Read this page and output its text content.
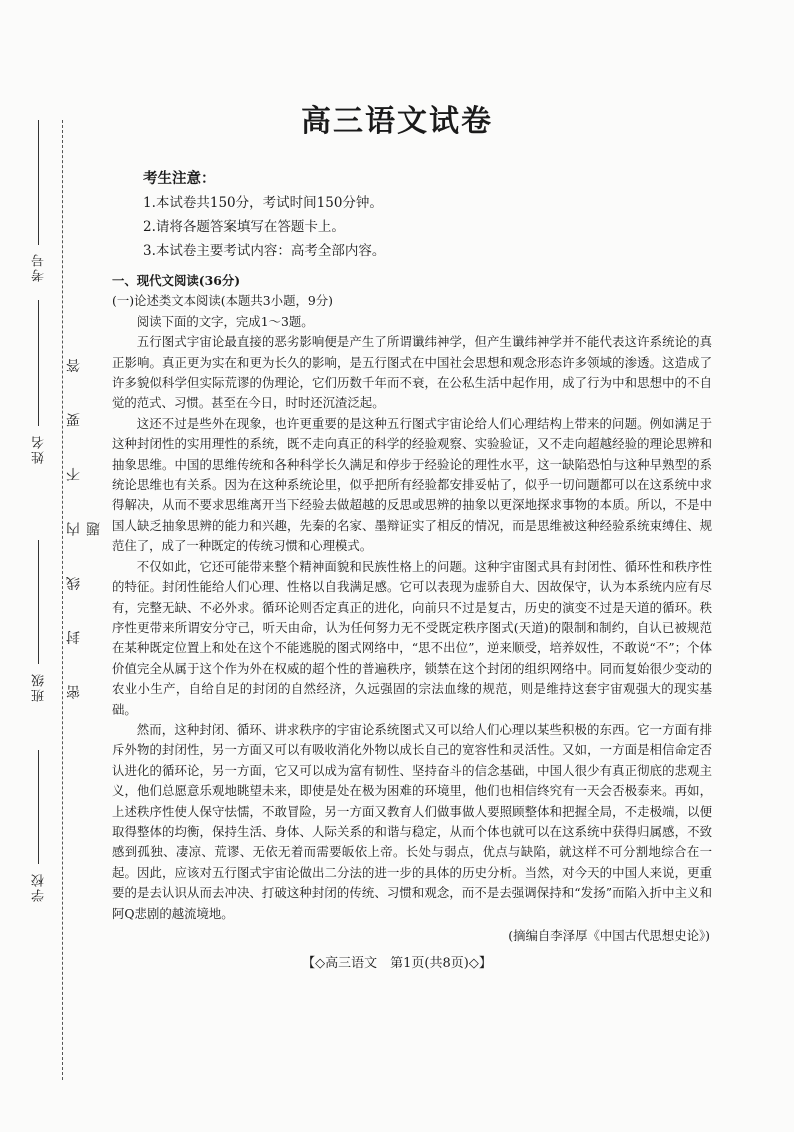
考号
姓名
班级
学校
密 封 线 内 不 要 答 题
高三语文试卷
考生注意：
1.本试卷共150分，考试时间150分钟。
2.请将各题答案填写在答题卡上。
3.本试卷主要考试内容：高考全部内容。

一、现代文阅读(36分)

(一)论述类文本阅读(本题共3小题，9分)

阅读下面的文字，完成1～3题。

五行图式宇宙论最直接的恶劣影响便是产生了所谓谶纬神学，但产生谶纬神学并不能代表这许系统论的真正影响。真正更为实在和更为长久的影响，是五行图式在中国社会思想和观念形态许多领域的渗透。这造成了许多貌似科学但实际荒谬的伪理论，它们历数千年而不衰，在公私生活中起作用，成了行为中和思想中的不自觉的范式、习惯。甚至在今日，时时还沉渣泛起。

这还不过是些外在现象，也许更重要的是这种五行图式宇宙论给人们心理结构上带来的问题。例如满足于这种封闭性的实用理性的系统，既不走向真正的科学的经验观察、实验验证，又不走向超越经验的理论思辨和抽象思维。中国的思维传统和各种科学长久满足和停步于经验论的理性水平，这一缺陷恐怕与这种早熟型的系统论思维也有关系。因为在这种系统论里，似乎把所有经验都安排妥帖了，似乎一切问题都可以在这系统中求得解决，从而不要求思维离开当下经验去做超越的反思或思辨的抽象以更深地探求事物的本质。所以，不是中国人缺乏抽象思辨的能力和兴趣，先秦的名家、墨辩证实了相反的情况，而是思维被这种经验系统束缚住、规范住了，成了一种既定的传统习惯和心理模式。

不仅如此，它还可能带来整个精神面貌和民族性格上的问题。这种宇宙图式具有封闭性、循环性和秩序性的特征。封闭性能给人们心理、性格以自我满足感。它可以表现为虚骄自大、因故保守，认为本系统内应有尽有，完整无缺、不必外求。循环论则否定真正的进化，向前只不过是复古，历史的演变不过是天道的循环。秩序性更带来所谓安分守己，听天由命，认为任何努力无不受既定秩序图式(天道)的限制和制约，自认已被规范在某种既定位置上和处在这个不能逃脱的图式网络中，“思不出位”，逆来顺受，培养奴性，不敢说“不”；个体价值完全从属于这个作为外在权威的超个性的普遍秩序，锁禁在这个封闭的组织网络中。同而复始很少变动的农业小生产，自给自足的封闭的自然经济，久远强固的宗法血缘的规范，则是维持这套宇宙观强大的现实基础。

然而，这种封闭、循环、讲求秩序的宇宙论系统图式又可以给人们心理以某些积极的东西。它一方面有排斥外物的封闭性，另一方面又可以有吸收消化外物以成长自己的宽容性和灵活性。又如，一方面是相信命定否认进化的循环论，另一方面，它又可以成为富有韧性、坚持奋斗的信念基础，中国人很少有真正彻底的悲观主义，他们总愿意乐观地眺望未来，即使是处在极为困难的环境里，他们也相信终究有一天会否极泰来。再如，上述秩序性使人保守怯懦，不敢冒险，另一方面又教育人们做事做人要照顾整体和把握全局，不走极端，以便取得整体的均衡，保持生活、身体、人际关系的和谐与稳定，从而个体也就可以在这系统中获得归属感，不致感到孤独、凄凉、荒谬、无依无着而需要皈依上帝。长处与弱点，优点与缺陷，就这样不可分割地综合在一起。因此，应该对五行图式宇宙论做出二分法的进一步的具体的历史分析。当然，对今天的中国人来说，更重要的是去认识从而去冲决、打破这种封闭的传统、习惯和观念，而不是去强调保持和“发扬”而陷入折中主义和阿Q悲剧的越流境地。

(摘编自李泽厚《中国古代思想史论》)

【◇高三语文　第1页(共8页)◇】
